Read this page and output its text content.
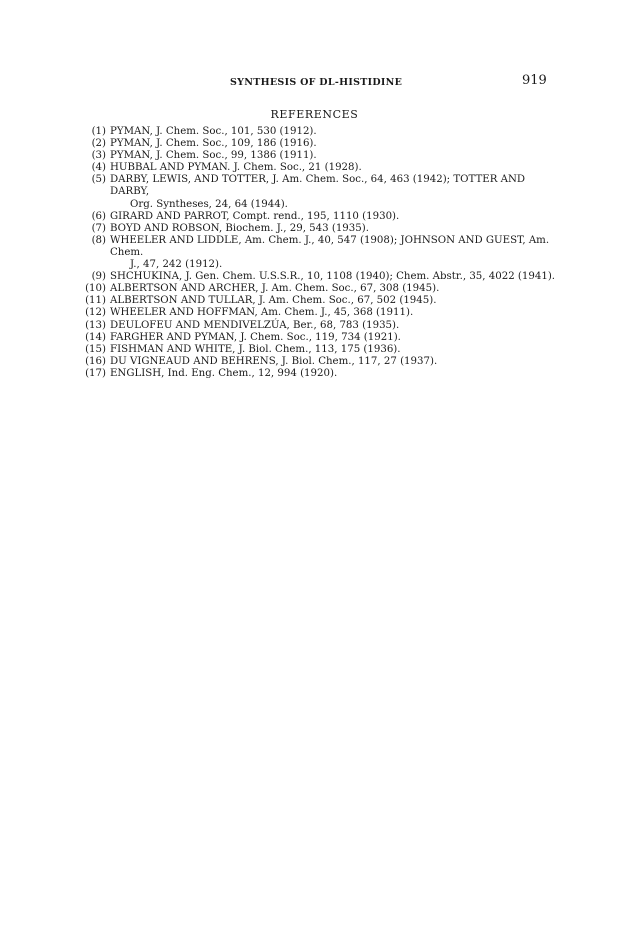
SYNTHESIS OF DL-HISTIDINE	919
REFERENCES
(1) PYMAN, J. Chem. Soc., 101, 530 (1912).
(2) PYMAN, J. Chem. Soc., 109, 186 (1916).
(3) PYMAN, J. Chem. Soc., 99, 1386 (1911).
(4) HUBBAL AND PYMAN. J. Chem. Soc., 21 (1928).
(5) DARBY, LEWIS, AND TOTTER, J. Am. Chem. Soc., 64, 463 (1942); TOTTER AND DARBY,
Org. Syntheses, 24, 64 (1944).
(6) GIRARD AND PARROT, Compt. rend., 195, 1110 (1930).
(7) BOYD AND ROBSON, Biochem. J., 29, 543 (1935).
(8) WHEELER AND LIDDLE, Am. Chem. J., 40, 547 (1908); JOHNSON AND GUEST, Am. Chem.
J., 47, 242 (1912).
(9) SHCHUKINA, J. Gen. Chem. U.S.S.R., 10, 1108 (1940); Chem. Abstr., 35, 4022 (1941).
(10) ALBERTSON AND ARCHER, J. Am. Chem. Soc., 67, 308 (1945).
(11) ALBERTSON AND TULLAR, J. Am. Chem. Soc., 67, 502 (1945).
(12) WHEELER AND HOFFMAN, Am. Chem. J., 45, 368 (1911).
(13) DEULOFEU AND MENDIVELZÚA, Ber., 68, 783 (1935).
(14) FARGHER AND PYMAN, J. Chem. Soc., 119, 734 (1921).
(15) FISHMAN AND WHITE, J. Biol. Chem., 113, 175 (1936).
(16) DU VIGNEAUD AND BEHRENS, J. Biol. Chem., 117, 27 (1937).
(17) ENGLISH, Ind. Eng. Chem., 12, 994 (1920).
